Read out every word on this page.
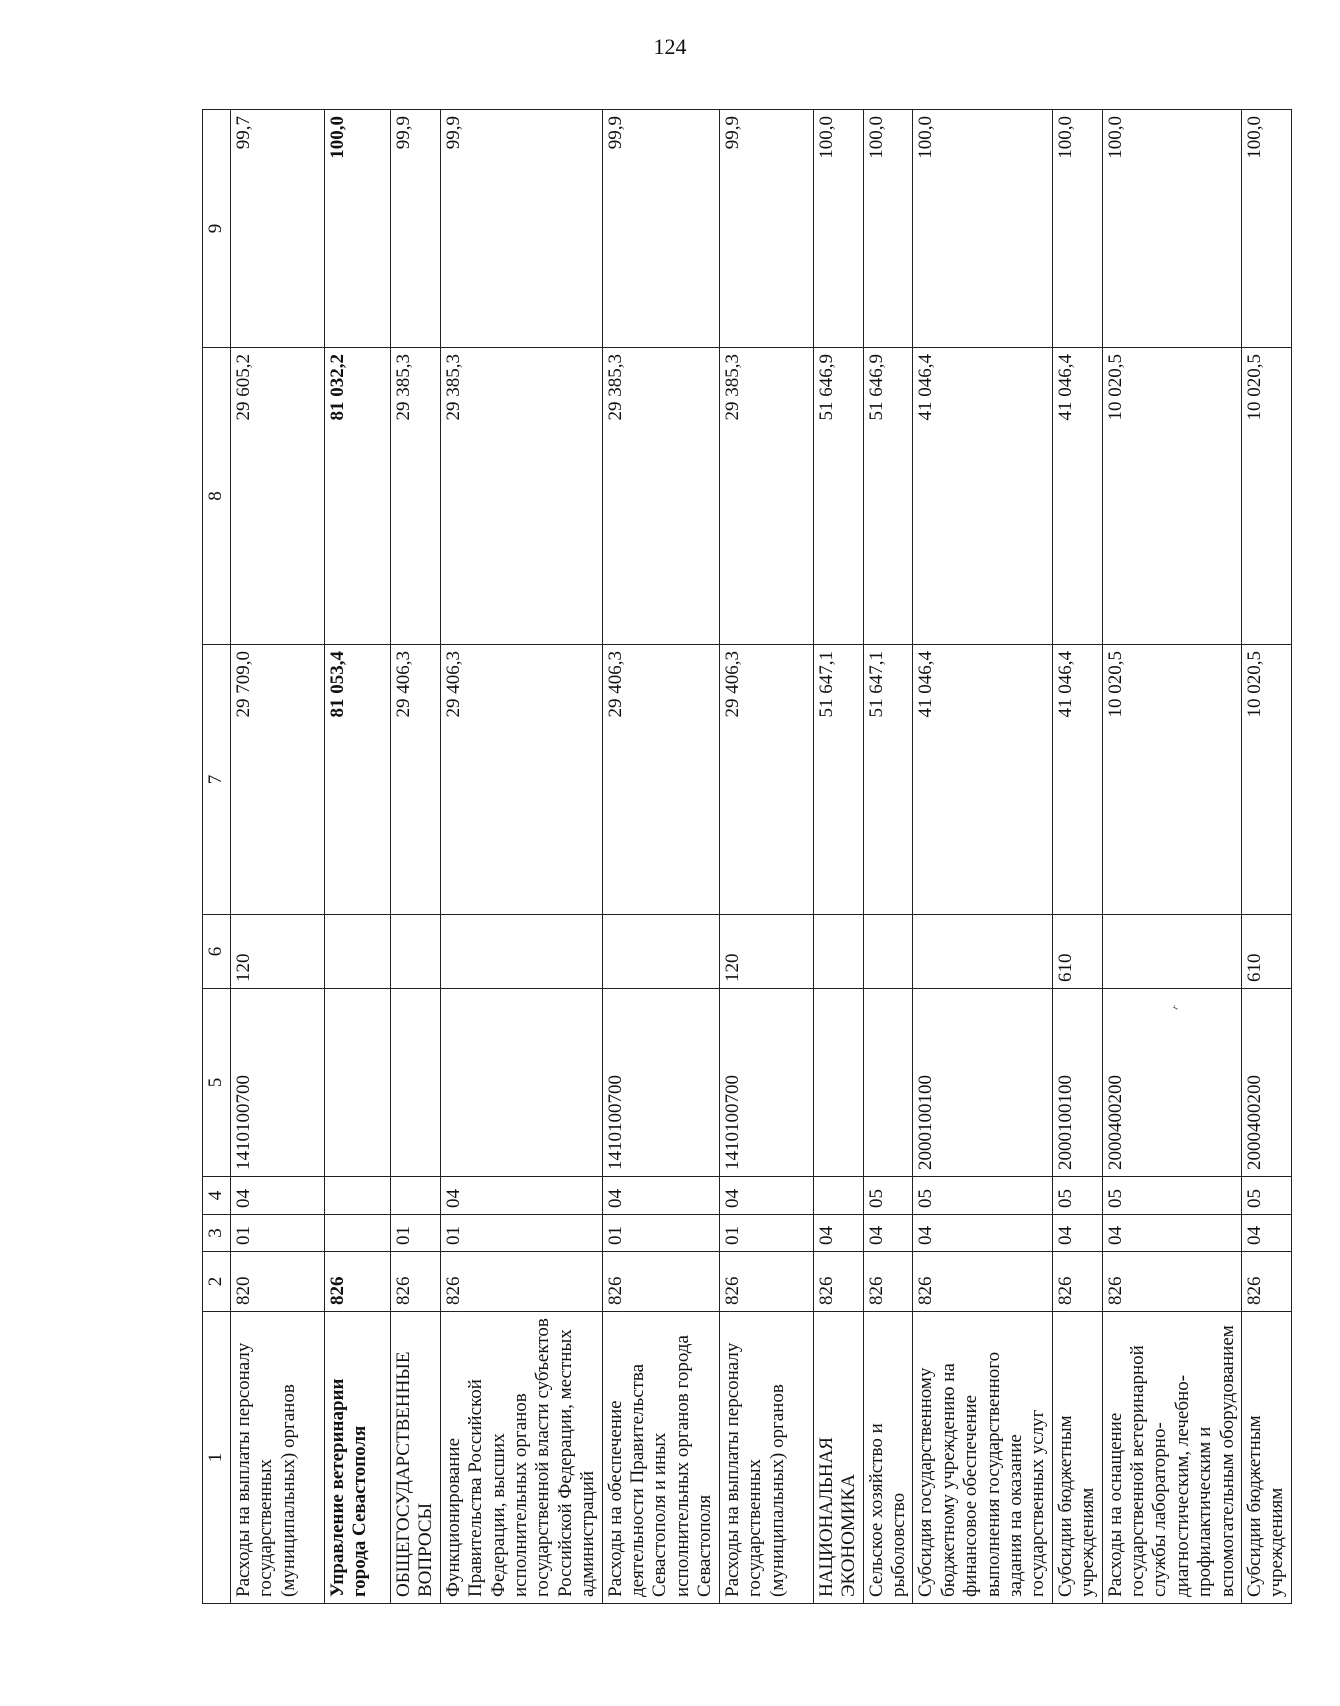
124
1	2	3	4	5	6	7	8	9
Расходы на выплаты персоналу государственных (муниципальных) органов	820	01	04	1410100700	120	29 709,0	29 605,2	99,7
Управление ветеринарии города Севастополя	826					81 053,4	81 032,2	100,0
ОБЩЕГОСУДАРСТВЕННЫЕ ВОПРОСЫ	826	01				29 406,3	29 385,3	99,9
Функционирование Правительства Российской Федерации, высших исполнительных органов государственной власти субъектов Российской Федерации, местных администраций	826	01	04			29 406,3	29 385,3	99,9
Расходы на обеспечение деятельности Правительства Севастополя и иных исполнительных органов города Севастополя	826	01	04	1410100700		29 406,3	29 385,3	99,9
Расходы на выплаты персоналу государственных (муниципальных) органов	826	01	04	1410100700	120	29 406,3	29 385,3	99,9
НАЦИОНАЛЬНАЯ ЭКОНОМИКА	826	04				51 647,1	51 646,9	100,0
Сельское хозяйство и рыболовство	826	04	05			51 647,1	51 646,9	100,0
Субсидия государственному бюджетному учреждению на финансовое обеспечение выполнения государственного задания на оказание государственных услуг	826	04	05	2000100100		41 046,4	41 046,4	100,0
Субсидии бюджетным учреждениям	826	04	05	2000100100	610	41 046,4	41 046,4	100,0
Расходы на оснащение государственной ветеринарной службы лабораторно-диагностическим, лечебно-профилактическим и вспомогательным оборудованием	826	04	05	2000400200		10 020,5	10 020,5	100,0
Субсидии бюджетным учреждениям	826	04	05	2000400200	610	10 020,5	10 020,5	100,0
ʳ
